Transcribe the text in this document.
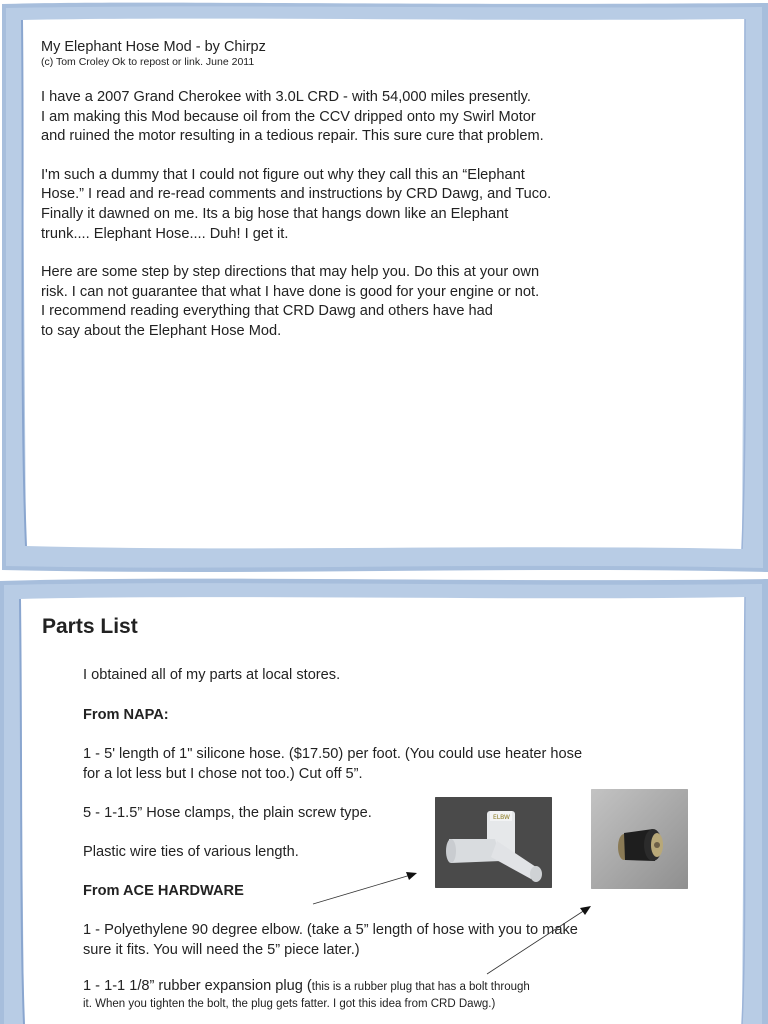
My Elephant Hose Mod - by Chirpz
(c) Tom Croley Ok to repost or link. June 2011
I have a 2007 Grand Cherokee with 3.0L CRD - with 54,000 miles presently.
I am making this Mod because oil from the CCV dripped onto my Swirl Motor
and ruined the motor resulting in a tedious repair. This sure cure that problem.
I'm such a dummy that I could not figure out why they call this an “Elephant
Hose.” I read and re-read comments and instructions by CRD Dawg, and Tuco.
Finally it dawned on me. Its a big hose that hangs down like an Elephant
trunk.... Elephant Hose.... Duh! I get it.
Here are some step by step directions that may help you. Do this at your own
risk. I can not guarantee that what I have done is good for your engine or not.
I recommend reading everything that CRD Dawg and others have had
to say about the Elephant Hose Mod.
Parts List
I obtained all of my parts at local stores.
From NAPA:
1 - 5' length of 1" silicone hose. ($17.50) per foot. (You could use heater hose
for a lot less but I chose not too.) Cut off 5”.
5 - 1-1.5” Hose clamps, the plain screw type.
Plastic wire ties of various length.
From ACE HARDWARE
1 - Polyethylene 90 degree elbow. (take a 5” length of hose with you to make
sure it fits. You will need the 5” piece later.)
1 - 1-1 1/8” rubber expansion plug (this is a rubber plug that has a bolt through
it. When you tighten the bolt, the plug gets fatter. I got this idea from CRD Dawg.)
ELBW
